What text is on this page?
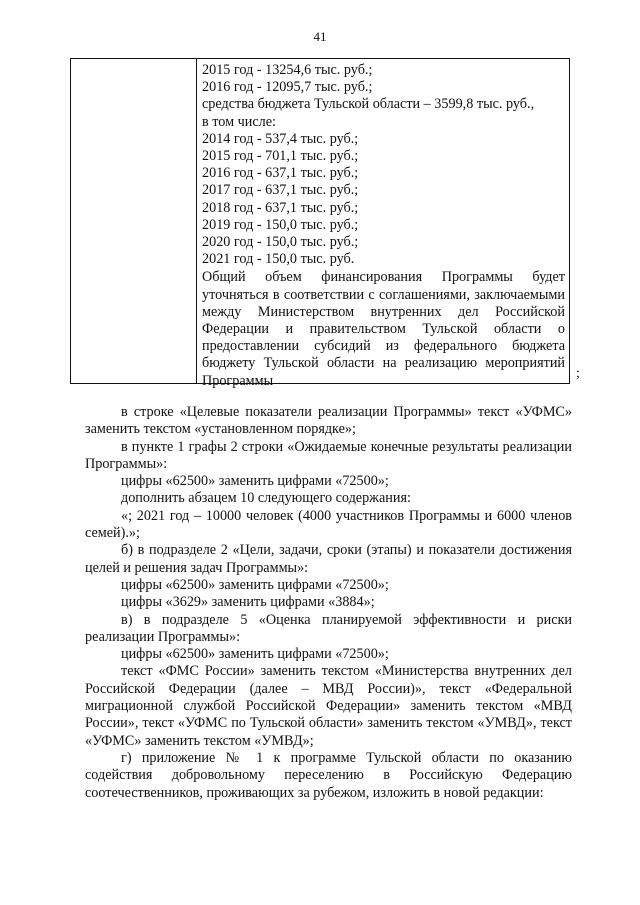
41
2015 год - 13254,6 тыс. руб.;
2016 год - 12095,7 тыс. руб.;
средства бюджета Тульской области – 3599,8 тыс. руб.,
в том числе:
2014 год - 537,4 тыс. руб.;
2015 год - 701,1 тыс. руб.;
2016 год - 637,1 тыс. руб.;
2017 год - 637,1 тыс. руб.;
2018 год - 637,1 тыс. руб.;
2019 год - 150,0 тыс. руб.;
2020 год - 150,0 тыс. руб.;
2021 год - 150,0 тыс. руб.
Общий объем финансирования Программы будет уточняться в соответствии с соглашениями, заключаемыми между Министерством внутренних дел Российской Федерации и правительством Тульской области о предоставлении субсидий из федерального бюджета бюджету Тульской области на реализацию мероприятий Программы	;

в строке «Целевые показатели реализации Программы» текст «УФМС» заменить текстом «установленном порядке»;

в пункте 1 графы 2 строки «Ожидаемые конечные результаты реализации Программы»:

цифры «62500» заменить цифрами «72500»;

дополнить абзацем 10 следующего содержания:

«; 2021 год – 10000 человек (4000 участников Программы и 6000 членов семей).»;

б) в подразделе 2 «Цели, задачи, сроки (этапы) и показатели достижения целей и решения задач Программы»:

цифры «62500» заменить цифрами «72500»;

цифры «3629» заменить цифрами «3884»;

в) в подразделе 5 «Оценка планируемой эффективности и риски реализации Программы»:

цифры «62500» заменить цифрами «72500»;

текст «ФМС России» заменить текстом «Министерства внутренних дел Российской Федерации (далее – МВД России)», текст «Федеральной миграционной службой Российской Федерации» заменить текстом «МВД России», текст «УФМС по Тульской области» заменить текстом «УМВД», текст «УФМС» заменить текстом «УМВД»;

г) приложение № 1 к программе Тульской области по оказанию содействия добровольному переселению в Российскую Федерацию соотечественников, проживающих за рубежом, изложить в новой редакции:
